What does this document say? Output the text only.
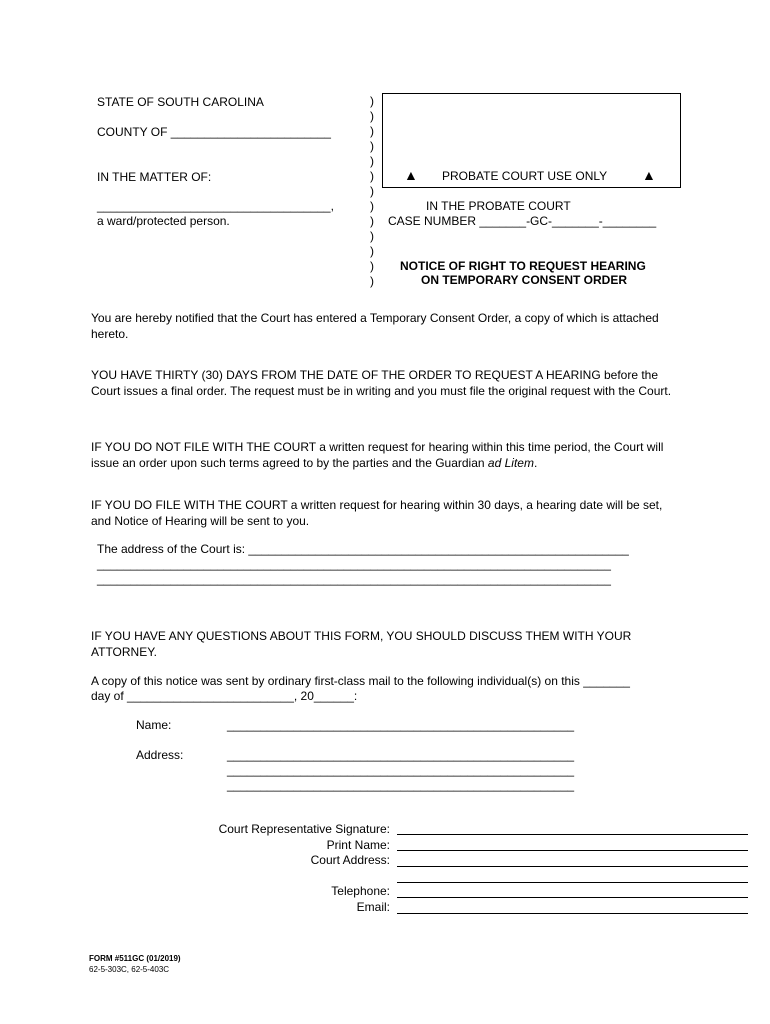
STATE OF SOUTH CAROLINA
COUNTY OF ________________________
IN THE MATTER OF:
___________________________________,
a ward/protected person.
)
)
)
)
)
)
)
)
)
)
)
)
)
▲ PROBATE COURT USE ONLY ▲
IN THE PROBATE COURT
CASE NUMBER _______-GC-_______-________
NOTICE OF RIGHT TO REQUEST HEARING
ON TEMPORARY CONSENT ORDER
You are hereby notified that the Court has entered a Temporary Consent Order, a copy of which is attached hereto.
YOU HAVE THIRTY (30) DAYS FROM THE DATE OF THE ORDER TO REQUEST A HEARING before the Court issues a final order. The request must be in writing and you must file the original request with the Court.
IF YOU DO NOT FILE WITH THE COURT a written request for hearing within this time period, the Court will issue an order upon such terms agreed to by the parties and the Guardian ad Litem.
IF YOU DO FILE WITH THE COURT a written request for hearing within 30 days, a hearing date will be set, and Notice of Hearing will be sent to you.
The address of the Court is: _________________________________________________________
_____________________________________________________________________________
_____________________________________________________________________________
IF YOU HAVE ANY QUESTIONS ABOUT THIS FORM, YOU SHOULD DISCUSS THEM WITH YOUR ATTORNEY.
A copy of this notice was sent by ordinary first-class mail to the following individual(s) on this _______
day of _________________________, 20______:
Name:	____________________________________________________
Address:	____________________________________________________
____________________________________________________
____________________________________________________
Court Representative Signature:
Print Name:
Court Address:
Telephone:
Email:
FORM #511GC (01/2019)
62-5-303C, 62-5-403C
